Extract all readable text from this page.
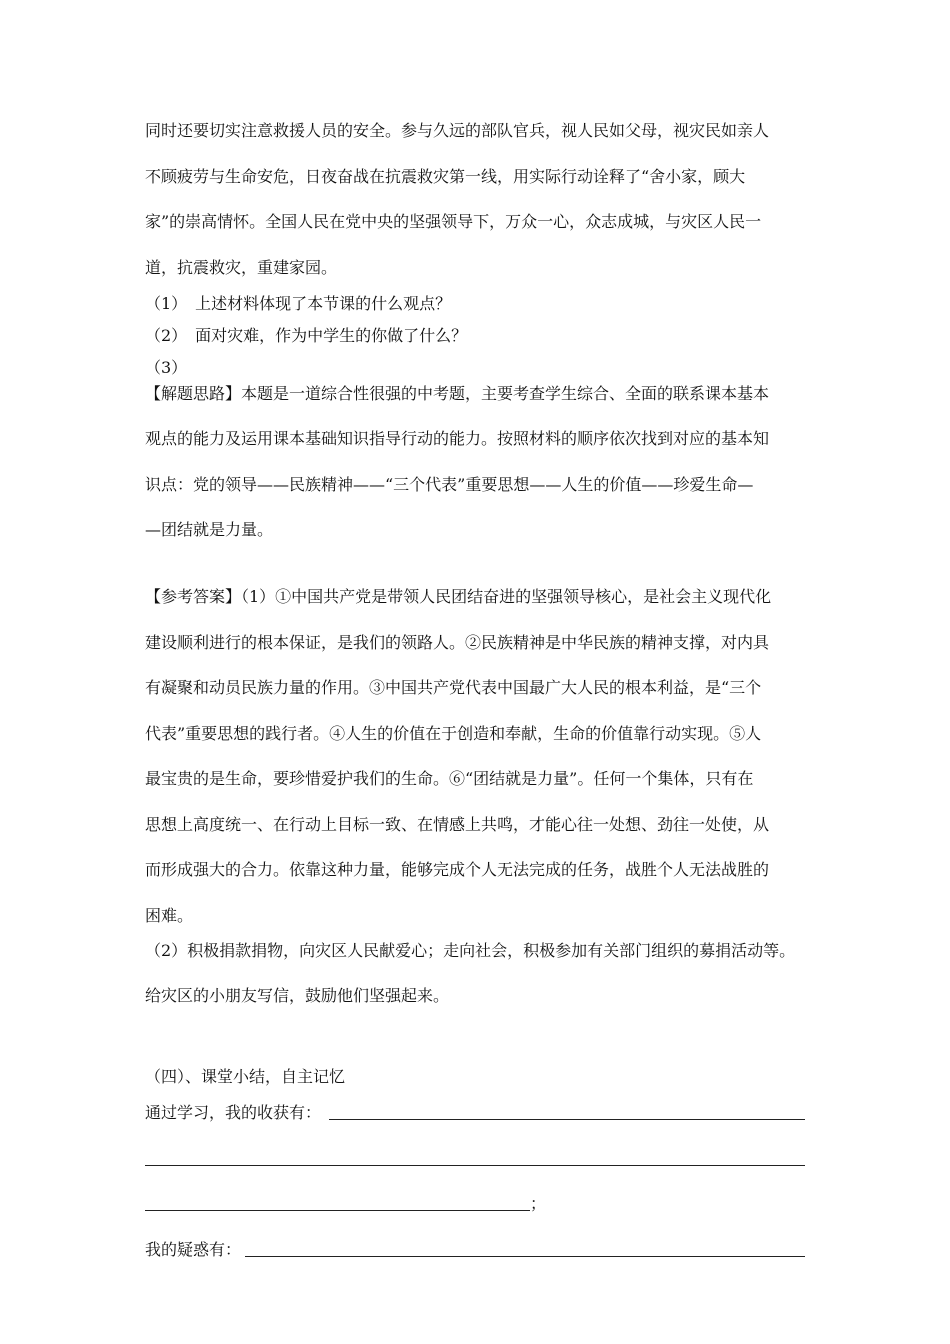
同时还要切实注意救援人员的安全。参与久远的部队官兵，视人民如父母，视灾民如亲人
不顾疲劳与生命安危，日夜奋战在抗震救灾第一线，用实际行动诠释了“舍小家，顾大
家”的崇高情怀。全国人民在党中央的坚强领导下，万众一心，众志成城，与灾区人民一
道，抗震救灾，重建家园。
（1）　上述材料体现了本节课的什么观点？
（2）　面对灾难，作为中学生的你做了什么？
（3）
【解题思路】本题是一道综合性很强的中考题，主要考查学生综合、全面的联系课本基本
观点的能力及运用课本基础知识指导行动的能力。按照材料的顺序依次找到对应的基本知
识点：党的领导——民族精神——“三个代表”重要思想——人生的价值——珍爱生命—
—团结就是力量。
【参考答案】（1）①中国共产党是带领人民团结奋进的坚强领导核心，是社会主义现代化
建设顺利进行的根本保证，是我们的领路人。②民族精神是中华民族的精神支撑，对内具
有凝聚和动员民族力量的作用。③中国共产党代表中国最广大人民的根本利益，是“三个
代表”重要思想的践行者。④人生的价值在于创造和奉献，生命的价值靠行动实现。⑤人
最宝贵的是生命，要珍惜爱护我们的生命。⑥“团结就是力量”。任何一个集体，只有在
思想上高度统一、在行动上目标一致、在情感上共鸣，才能心往一处想、劲往一处使，从
而形成强大的合力。依靠这种力量，能够完成个人无法完成的任务，战胜个人无法战胜的
困难。
（2）积极捐款捐物，向灾区人民献爱心；走向社会，积极参加有关部门组织的募捐活动等。
给灾区的小朋友写信，鼓励他们坚强起来。
（四）、课堂小结，自主记忆
通过学习，我的收获有：
；
我的疑惑有：
